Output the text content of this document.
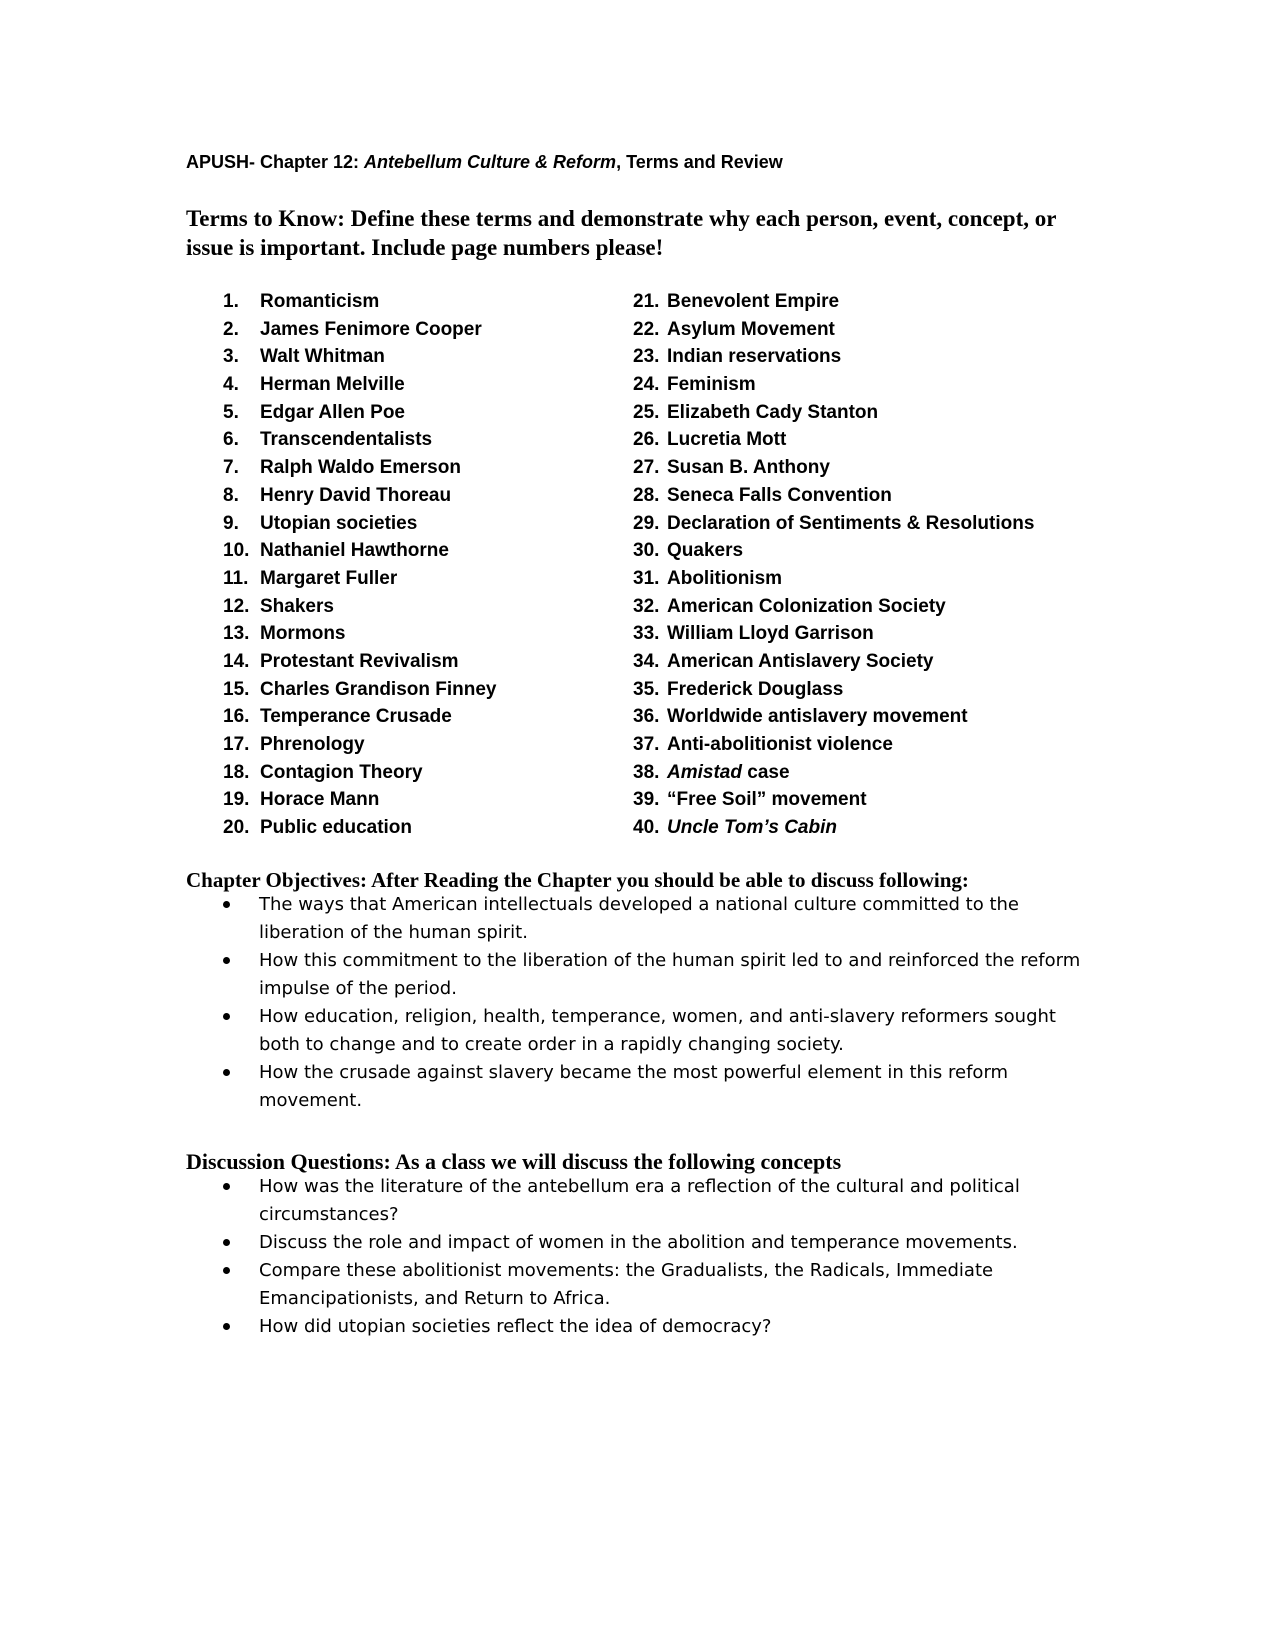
APUSH- Chapter 12: Antebellum Culture & Reform, Terms and Review
Terms to Know: Define these terms and demonstrate why each person, event, concept, or issue is important. Include page numbers please!
1.	Romanticism
2.	James Fenimore Cooper
3.	Walt Whitman
4.	Herman Melville
5.	Edgar Allen Poe
6.	Transcendentalists
7.	Ralph Waldo Emerson
8.	Henry David Thoreau
9.	Utopian societies
10. Nathaniel Hawthorne
11. Margaret Fuller
12. Shakers
13. Mormons
14. Protestant Revivalism
15. Charles Grandison Finney
16. Temperance Crusade
17. Phrenology
18. Contagion Theory
19. Horace Mann
20. Public education
21. Benevolent Empire
22. Asylum Movement
23. Indian reservations
24. Feminism
25. Elizabeth Cady Stanton
26. Lucretia Mott
27. Susan B. Anthony
28. Seneca Falls Convention
29. Declaration of Sentiments & Resolutions
30. Quakers
31. Abolitionism
32. American Colonization Society
33. William Lloyd Garrison
34. American Antislavery Society
35. Frederick Douglass
36. Worldwide antislavery movement
37. Anti-abolitionist violence
38. Amistad case
39. “Free Soil” movement
40. Uncle Tom’s Cabin
Chapter Objectives: After Reading the Chapter you should be able to discuss following:
The ways that American intellectuals developed a national culture committed to the liberation of the human spirit.
How this commitment to the liberation of the human spirit led to and reinforced the reform impulse of the period.
How education, religion, health, temperance, women, and anti-slavery reformers sought both to change and to create order in a rapidly changing society.
How the crusade against slavery became the most powerful element in this reform movement.
Discussion Questions: As a class we will discuss the following concepts
How was the literature of the antebellum era a reflection of the cultural and political circumstances?
Discuss the role and impact of women in the abolition and temperance movements.
Compare these abolitionist movements: the Gradualists, the Radicals, Immediate Emancipationists, and Return to Africa.
How did utopian societies reflect the idea of democracy?
